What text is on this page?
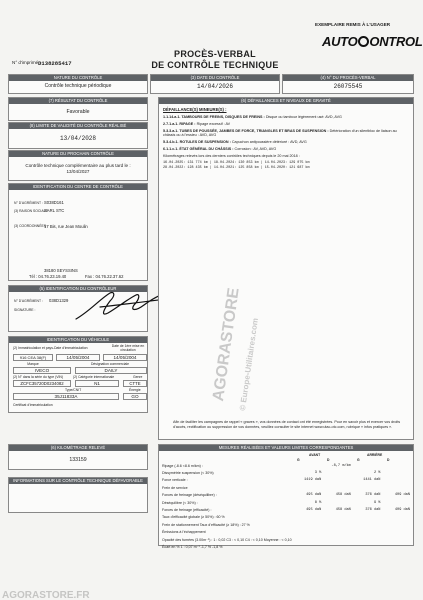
N° d'imprimé :
D138285417
PROCÈS-VERBAL
DE CONTRÔLE TECHNIQUE
EXEMPLAIRE REMIS À L'USAGER
AUTO ONTROL
NATURE DU CONTRÔLE
Contrôle technique périodique
(3) DATE DU CONTRÔLE
14/04/2026
(4) N° DU PROCÈS-VERBAL
26075545
(7) RÉSULTAT DU CONTRÔLE
Favorable
(8) LIMITE DE VALIDITÉ DU CONTRÔLE RÉALISÉ
13/04/2028
NATURE DU PROCHAIN CONTRÔLE
Contrôle technique complémentaire au plus tard le :
13/04/2027
IDENTIFICATION DU CENTRE DE CONTRÔLE
N° D'AGRÉMENT : S038D161
(3) RAISON SOCIALE :
SARL STC
(3) COORDONNÉES :
17 Bis, rue Jean Moulin
38180 SEYSSINS
Tél : 04.76.23.19.40	Fax : 04.76.22.37.62
(5) IDENTIFICATION DU CONTRÔLEUR
N° D'AGRÉMENT : 038D1329
SIGNATURE :
IDENTIFICATION DU VÉHICULE
(2) Immatriculation et pays-Date d'immatriculation	Date de 1ère mise en circulation
916 CEA 38(F)	14/05/2004	14/05/2004
Marque	Désignation commerciale
IVECO	DAILY
(2) N° dans la série du type (VIN)	(2) Catégorie internationale	Genre
ZCFC35720D0234082	N1	CTTE
Type/CNIT	Énergie
35J11833A	GO
Certificat d'immatriculation
(6) KILOMÉTRAGE RELEVÉ
133159
INFORMATIONS SUR LE CONTRÔLE TECHNIQUE DÉFAVORABLE
(6) DÉFAILLANCES ET NIVEAUX DE GRAVITÉ

DÉFAILLANCE(S) MINEURE(S) :

1.1.14.a.1. TAMBOURS DE FREINS, DISQUES DE FREINS : Disque ou tambour légèrement usé: AVD, AVG

2.7.1.a.1. RIPAGE : Ripage excessif : AV

5.3.3.a.1. TUBES DE POUSSÉE, JAMBES DE FORCE, TRIANGLES ET BRAS DE SUSPENSION : Détérioration d'un silentbloc de liaison au châssis ou à l'essieu : AVD, AVG

5.3.4.b.1. ROTULES DE SUSPENSION : Capuchon antipoussière détérioré : AVD, AVG

6.1.1.c.1. ÉTAT GÉNÉRAL DU CHÂSSIS : Corrosion : AV, AVD, AVG

Kilométrages relevés lors des derniers contrôles techniques depuis le 20 mai 2018 :

16.04.2025: 131 774 km | 18.04.2024: 130 853 km | 14.04.2023: 129 075 km

28.04.2022: 128 435 km | 14.04.2021: 125 858 km | 15.04.2020: 121 687 km

Afin de faciliter les campagnes de rappel « graves », vos données de contact ont été enregistrées. Pour en savoir plus et exercer vos droits d'accès, rectification ou suppression de vos données, veuillez consulter le site internet www.utac-otc.com, rubrique « infos pratiques ».

MESURES RÉALISÉES ET VALEURS LIMITES CORRESPONDANTES
AVANT	ARRIÈRE
G	D	G	D
Ripage (-8.6 <8.6 m/km) :		-8,7 m/km		
Dissymétrie suspension (< 30%)	3 %		2 %	
Force verticale :	1419 daN		1441 daN	
Frein de service				
Forces de freinage (déséquilibre) :	495 daN	458 daN	376 daN	409 daN
Déséquilibre (< 30%) :	8 %		9 %	
Forces de freinage (efficacité) :	495 daN	458 daN	376 daN	409 daN
Taux d'efficacité globale (≥ 50%) : 60 %				
Frein de stationnement Taux d'efficacité (≥ 18%) : 27 %				
Émissions à l'échappement				
Opacité des fumées (3.00m⁻¹) : 1 : 0,02 C3 : < 0,10 C4 : < 0,10 Moyenne : < 0,10				
Écart en % 1 : 0,07 m⁻¹ -1,7 % -1,8 %				
AGORASTORE
© Europe-Utilitaires.com
AGORASTORE.FR
